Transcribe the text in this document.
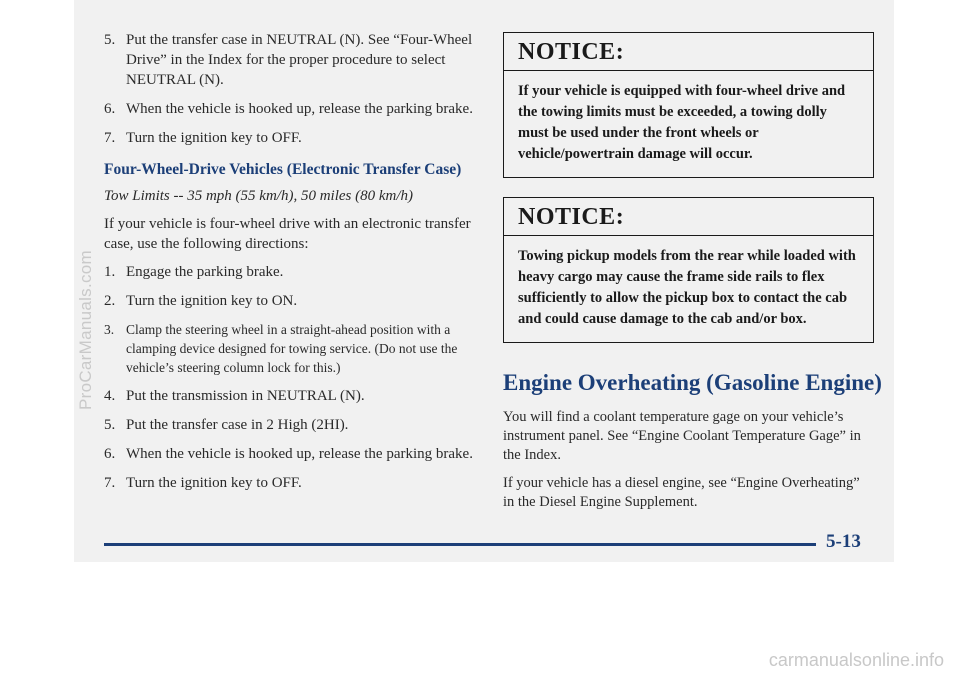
5. Put the transfer case in NEUTRAL (N). See “Four-Wheel Drive” in the Index for the proper procedure to select NEUTRAL (N).
6. When the vehicle is hooked up, release the parking brake.
7. Turn the ignition key to OFF.
Four-Wheel-Drive Vehicles (Electronic Transfer Case)
Tow Limits -- 35 mph (55 km/h), 50 miles (80 km/h)
If your vehicle is four-wheel drive with an electronic transfer case, use the following directions:
1. Engage the parking brake.
2. Turn the ignition key to ON.
3. Clamp the steering wheel in a straight-ahead position with a clamping device designed for towing service. (Do not use the vehicle’s steering column lock for this.)
4. Put the transmission in NEUTRAL (N).
5. Put the transfer case in 2 High (2HI).
6. When the vehicle is hooked up, release the parking brake.
7. Turn the ignition key to OFF.
NOTICE:
If your vehicle is equipped with four-wheel drive and the towing limits must be exceeded, a towing dolly must be used under the front wheels or vehicle/powertrain damage will occur.
NOTICE:
Towing pickup models from the rear while loaded with heavy cargo may cause the frame side rails to flex sufficiently to allow the pickup box to contact the cab and could cause damage to the cab and/or box.
Engine Overheating (Gasoline Engine)

You will find a coolant temperature gage on your vehicle’s instrument panel. See “Engine Coolant Temperature Gage” in the Index.

If your vehicle has a diesel engine, see “Engine Overheating” in the Diesel Engine Supplement.

5-13
ProCarManuals.com
carmanualsonline.info
